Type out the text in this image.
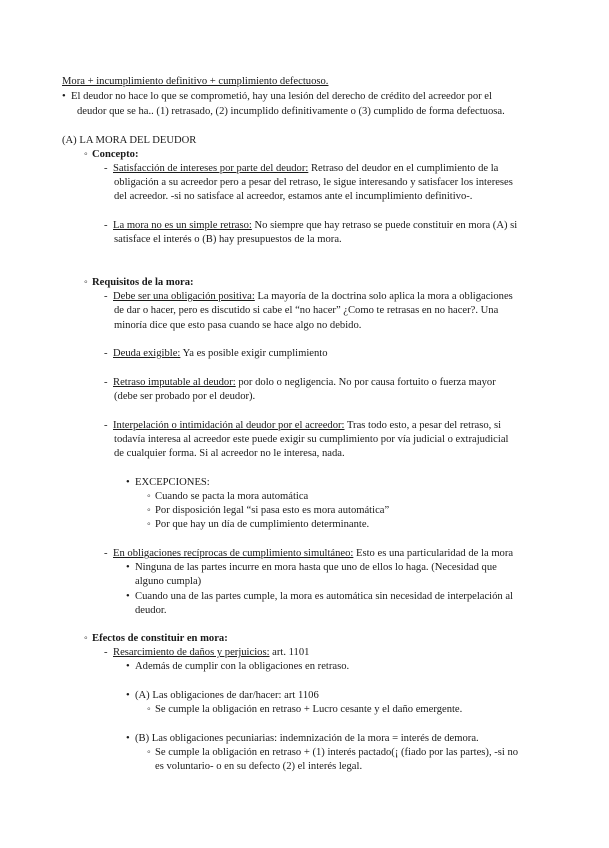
Mora + incumplimiento definitivo + cumplimiento defectuoso.
• El deudor no hace lo que se comprometió, hay una lesión del derecho de crédito del acreedor por el
deudor que se ha.. (1) retrasado, (2) incumplido definitivamente o (3) cumplido de forma defectuosa.
(A) LA MORA DEL DEUDOR
◦ Concepto:
- Satisfacción de intereses por parte del deudor: Retraso del deudor en el cumplimiento de la
obligación a su acreedor pero a pesar del retraso, le sigue interesando y satisfacer los intereses
del acreedor. -si no satisface al acreedor, estamos ante el incumplimiento definitivo-.
- La mora no es un simple retraso: No siempre que hay retraso se puede constituir en mora (A) si
satisface el interés o (B) hay presupuestos de la mora.
◦ Requisitos de la mora:
- Debe ser una obligación positiva: La mayoría de la doctrina solo aplica la mora a obligaciones
de dar o hacer, pero es discutido si cabe el “no hacer” ¿Como te retrasas en no hacer?. Una
minoría dice que esto pasa cuando se hace algo no debido.
- Deuda exigible: Ya es posible exigir cumplimiento
- Retraso imputable al deudor: por dolo o negligencia. No por causa fortuito o fuerza mayor
(debe ser probado por el deudor).
- Interpelación o intimidación al deudor por el acreedor: Tras todo esto, a pesar del retraso, si
todavía interesa al acreedor este puede exigir su cumplimiento por vía judicial o extrajudicial
de cualquier forma. Si al acreedor no le interesa, nada.
• EXCEPCIONES:
◦ Cuando se pacta la mora automática
◦ Por disposición legal “si pasa esto es mora automática”
◦ Por que hay un día de cumplimiento determinante.
- En obligaciones recíprocas de cumplimiento simultáneo: Esto es una particularidad de la mora
• Ninguna de las partes incurre en mora hasta que uno de ellos lo haga. (Necesidad que
alguno cumpla)
• Cuando una de las partes cumple, la mora es automática sin necesidad de interpelación al
deudor.
◦ Efectos de constituir en mora:
- Resarcimiento de daños y perjuicios: art. 1101
• Además de cumplir con la obligaciones en retraso.
• (A) Las obligaciones de dar/hacer: art 1106
◦ Se cumple la obligación en retraso + Lucro cesante y el daño emergente.
• (B) Las obligaciones pecuniarias: indemnización de la mora = interés de demora.
◦ Se cumple la obligación en retraso + (1) interés pactado(¡ (fiado por las partes), -si no
es voluntario- o en su defecto (2) el interés legal.
